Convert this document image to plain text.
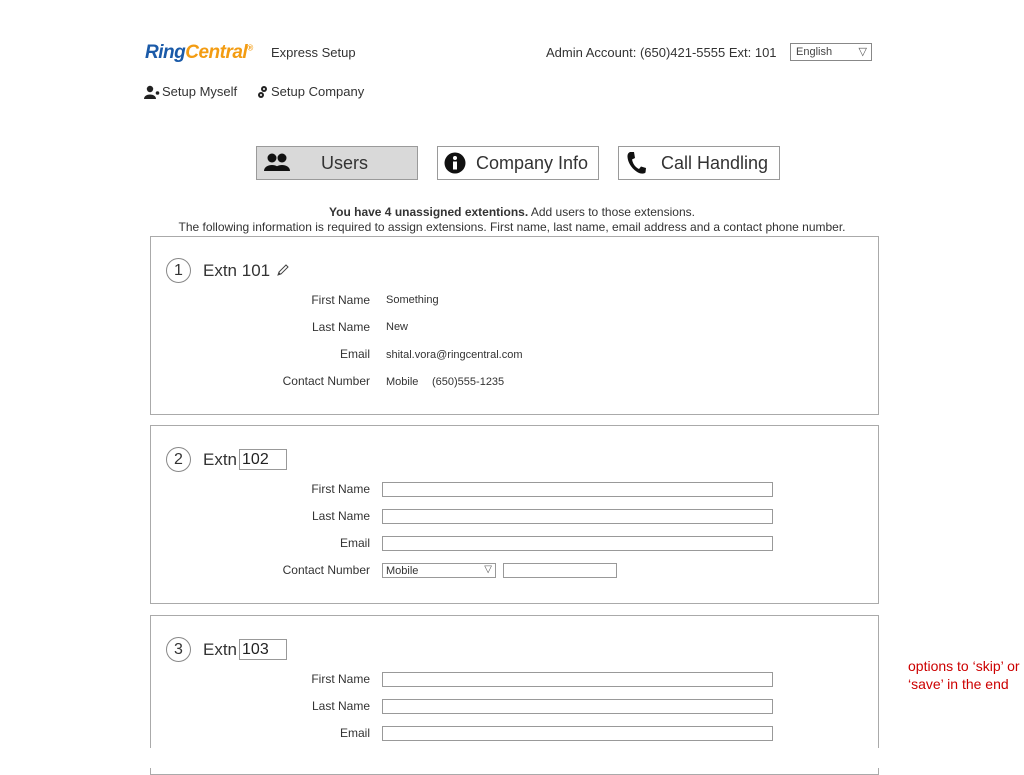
RingCentral® Express Setup	Admin Account: (650)421-5555 Ext: 101	English ▽
Setup Myself	Setup Company
Users	Company Info	Call Handling
You have 4 unassigned extentions. Add users to those extensions.
The following information is required to assign extensions. First name, last name, email address and a contact phone number.
1	Extn 101
First Name Something
Last Name New
Email shital.vora@ringcentral.com
Contact Number Mobile (650)555-1235
2	Extn 102
First Name
Last Name
Email
Contact Number	Mobile	▽
3	Extn 103
First Name
Last Name
Email
options to ‘skip’ or ‘save’ in the end
